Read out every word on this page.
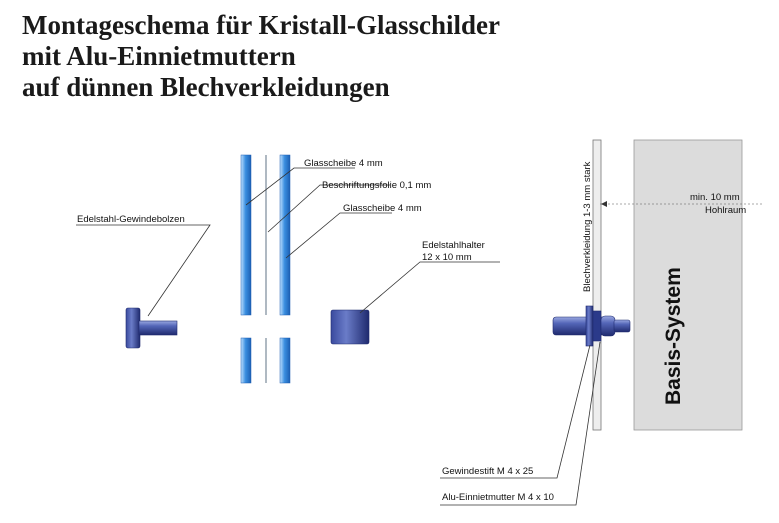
Montageschema für Kristall-Glasschilder
mit Alu-Einnietmuttern
auf dünnen Blechverkleidungen
Glasscheibe 4 mm
Beschriftungsfolie 0,1 mm
Glasscheibe 4 mm
Edelstahl-Gewindebolzen
Edelstahlhalter
12 x 10 mm	Blechverkleidung 1-3 mm stark
Basis-System
min. 10 mm
Hohlraum
Gewindestift M 4 x 25
Alu-Einnietmutter M 4 x 10
